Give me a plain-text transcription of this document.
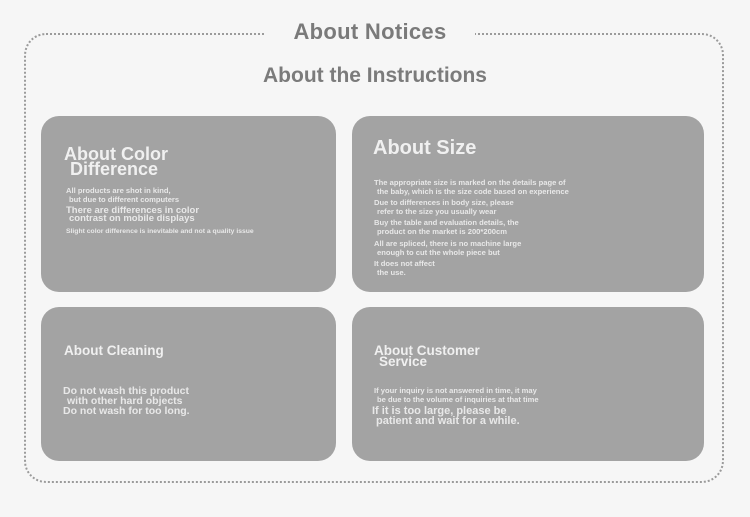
About Notices
About the Instructions
About Color
Difference
All products are shot in kind,
but due to different computers
There are differences in color
contrast on mobile displays
Slight color difference is inevitable and not a quality issue
About Size
The appropriate size is marked on the details page of
the baby, which is the size code based on experience
Due to differences in body size, please
refer to the size you usually wear
Buy the table and evaluation details, the
product on the market is 200*200cm
All are spliced, there is no machine large
enough to cut the whole piece but
It does not affect
the use.
About Cleaning
Do not wash this product
with other hard objects
Do not wash for too long.
About Customer
Service
If your inquiry is not answered in time, it may
be due to the volume of inquiries at that time
If it is too large, please be
patient and wait for a while.
